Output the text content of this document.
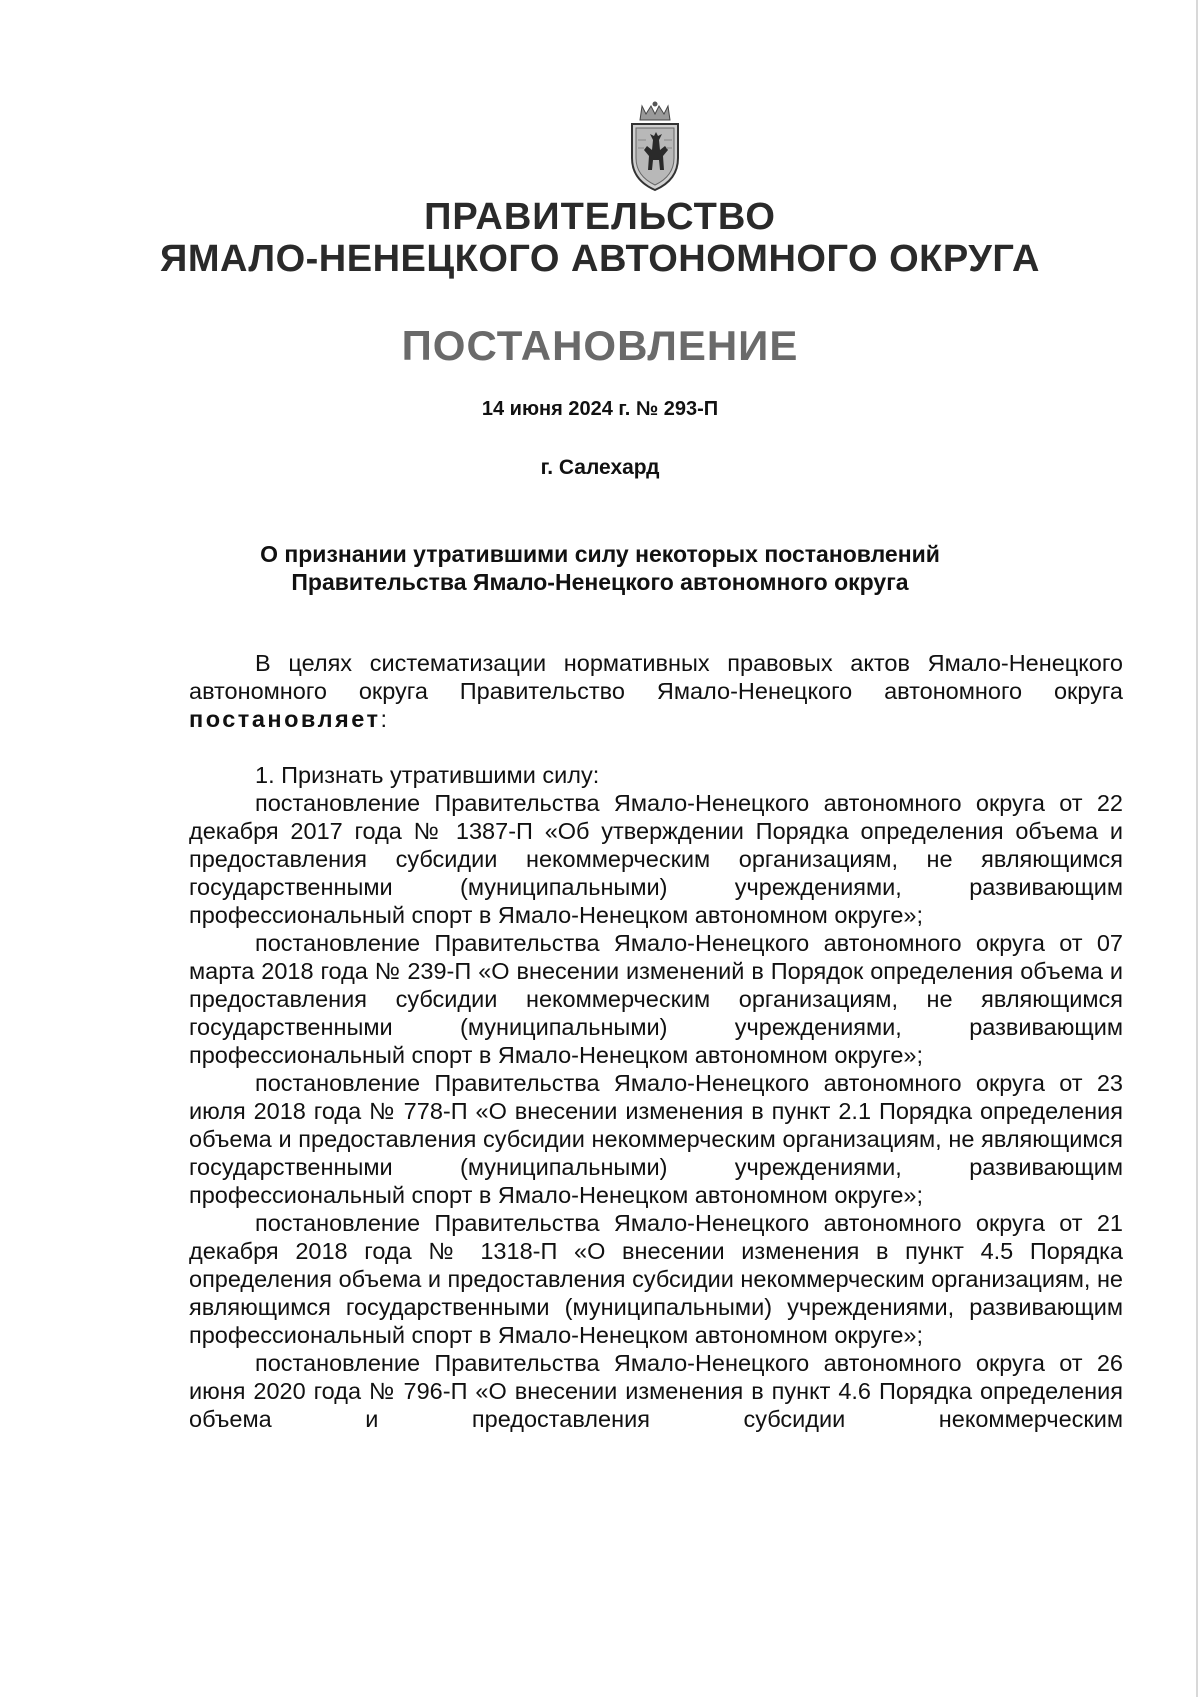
ПРАВИТЕЛЬСТВО
ЯМАЛО-НЕНЕЦКОГО АВТОНОМНОГО ОКРУГА
ПОСТАНОВЛЕНИЕ
14 июня 2024 г. № 293-П
г. Салехард
О признании утратившими силу некоторых постановлений
Правительства Ямало-Ненецкого автономного округа

В целях систематизации нормативных правовых актов Ямало-Ненецкого автономного округа Правительство Ямало-Ненецкого автономного округа постановляет:

1. Признать утратившими силу:

постановление Правительства Ямало-Ненецкого автономного округа от 22 декабря 2017 года № 1387-П «Об утверждении Порядка определения объема и предоставления субсидии некоммерческим организациям, не являющимся государственными (муниципальными) учреждениями, развивающим профессиональный спорт в Ямало-Ненецком автономном округе»;

постановление Правительства Ямало-Ненецкого автономного округа от 07 марта 2018 года № 239-П «О внесении изменений в Порядок определения объема и предоставления субсидии некоммерческим организациям, не являющимся государственными (муниципальными) учреждениями, развивающим профессиональный спорт в Ямало-Ненецком автономном округе»;

постановление Правительства Ямало-Ненецкого автономного округа от 23 июля 2018 года № 778-П «О внесении изменения в пункт 2.1 Порядка определения объема и предоставления субсидии некоммерческим организациям, не являющимся государственными (муниципальными) учреждениями, развивающим профессиональный спорт в Ямало-Ненецком автономном округе»;

постановление Правительства Ямало-Ненецкого автономного округа от 21 декабря 2018 года № 1318-П «О внесении изменения в пункт 4.5 Порядка определения объема и предоставления субсидии некоммерческим организациям, не являющимся государственными (муниципальными) учреждениями, развивающим профессиональный спорт в Ямало-Ненецком автономном округе»;

постановление Правительства Ямало-Ненецкого автономного округа от 26 июня 2020 года № 796-П «О внесении изменения в пункт 4.6 Порядка определения объема и предоставления субсидии некоммерческим
